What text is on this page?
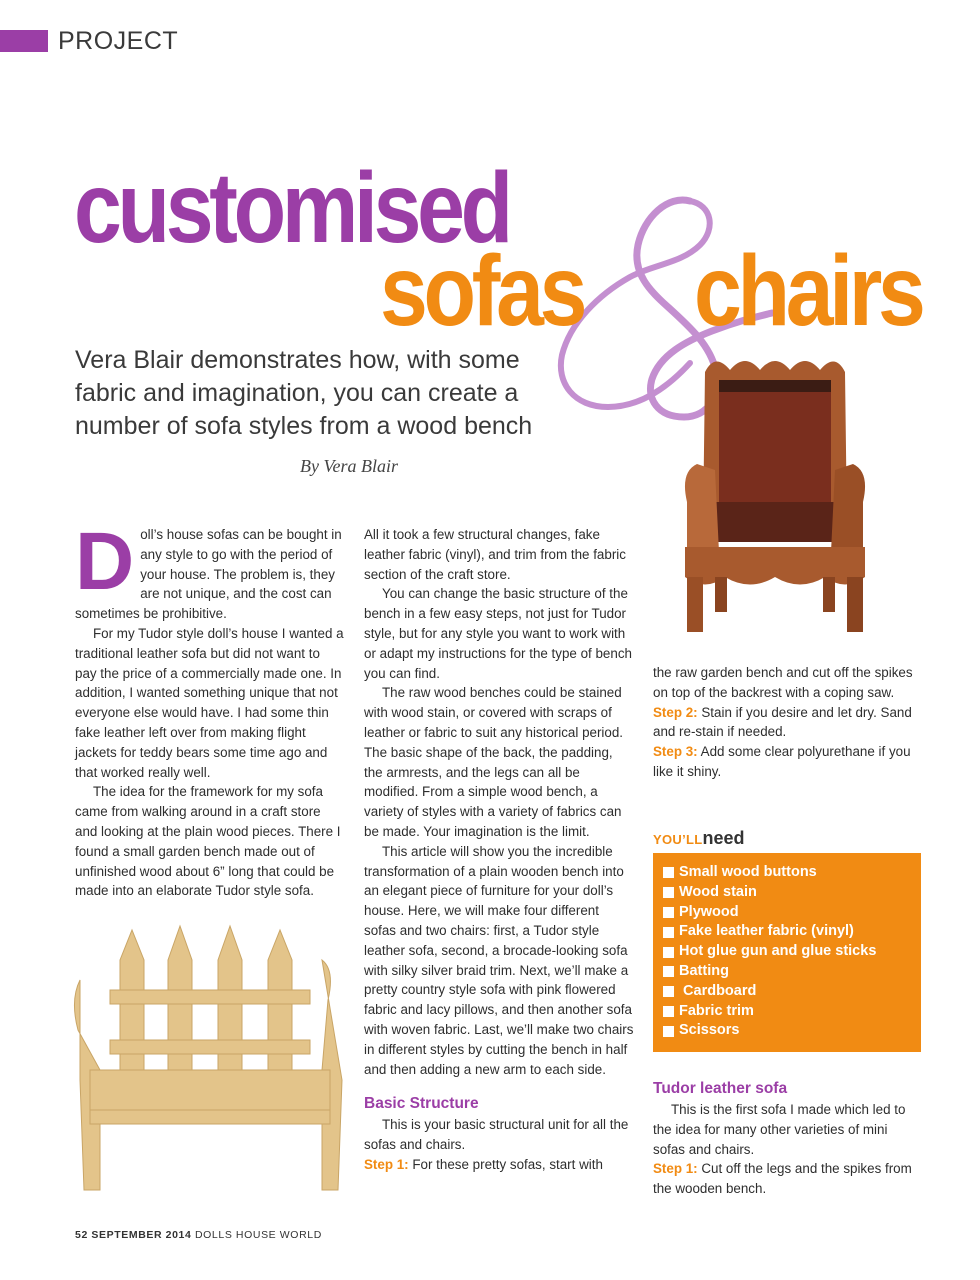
PROJECT
customised
sofas chairs
Vera Blair demonstrates how, with some fabric and imagination, you can create a number of sofa styles from a wood bench
By Vera Blair

Doll’s house sofas can be bought in any style to go with the period of your house. The problem is, they are not unique, and the cost can sometimes be prohibitive.

For my Tudor style doll’s house I wanted a traditional leather sofa but did not want to pay the price of a commercially made one. In addition, I wanted something unique that not everyone else would have. I had some thin fake leather left over from making flight jackets for teddy bears some time ago and that worked really well.

The idea for the framework for my sofa came from walking around in a craft store and looking at the plain wood pieces. There I found a small garden bench made out of unfinished wood about 6” long that could be made into an elaborate Tudor style sofa.

All it took a few structural changes, fake leather fabric (vinyl), and trim from the fabric section of the craft store.

You can change the basic structure of the bench in a few easy steps, not just for Tudor style, but for any style you want to work with or adapt my instructions for the type of bench you can find.

The raw wood benches could be stained with wood stain, or covered with scraps of leather or fabric to suit any historical period. The basic shape of the back, the padding, the armrests, and the legs can all be modified. From a simple wood bench, a variety of styles with a variety of fabrics can be made. Your imagination is the limit.

This article will show you the incredible transformation of a plain wooden bench into an elegant piece of furniture for your doll’s house. Here, we will make four different sofas and two chairs: first, a Tudor style leather sofa, second, a brocade-looking sofa with silky silver braid trim. Next, we’ll make a pretty country style sofa with pink flowered fabric and lacy pillows, and then another sofa with woven fabric. Last, we’ll make two chairs in different styles by cutting the bench in half and then adding a new arm to each side.

Basic Structure

This is your basic structural unit for all the sofas and chairs.

Step 1: For these pretty sofas, start with

the raw garden bench and cut off the spikes on top of the backrest with a coping saw.

Step 2: Stain if you desire and let dry. Sand and re-stain if needed.

Step 3: Add some clear polyurethane if you like it shiny.

YOU’LLneed
Small wood buttons
Wood stain
Plywood
Fake leather fabric (vinyl)
Hot glue gun and glue sticks
Batting
Cardboard
Fabric trim
Scissors

Tudor leather sofa

This is the first sofa I made which led to the idea for many other varieties of mini sofas and chairs.

Step 1: Cut off the legs and the spikes from the wooden bench.

52 SEPTEMBER 2014 DOLLS HOUSE WORLD
